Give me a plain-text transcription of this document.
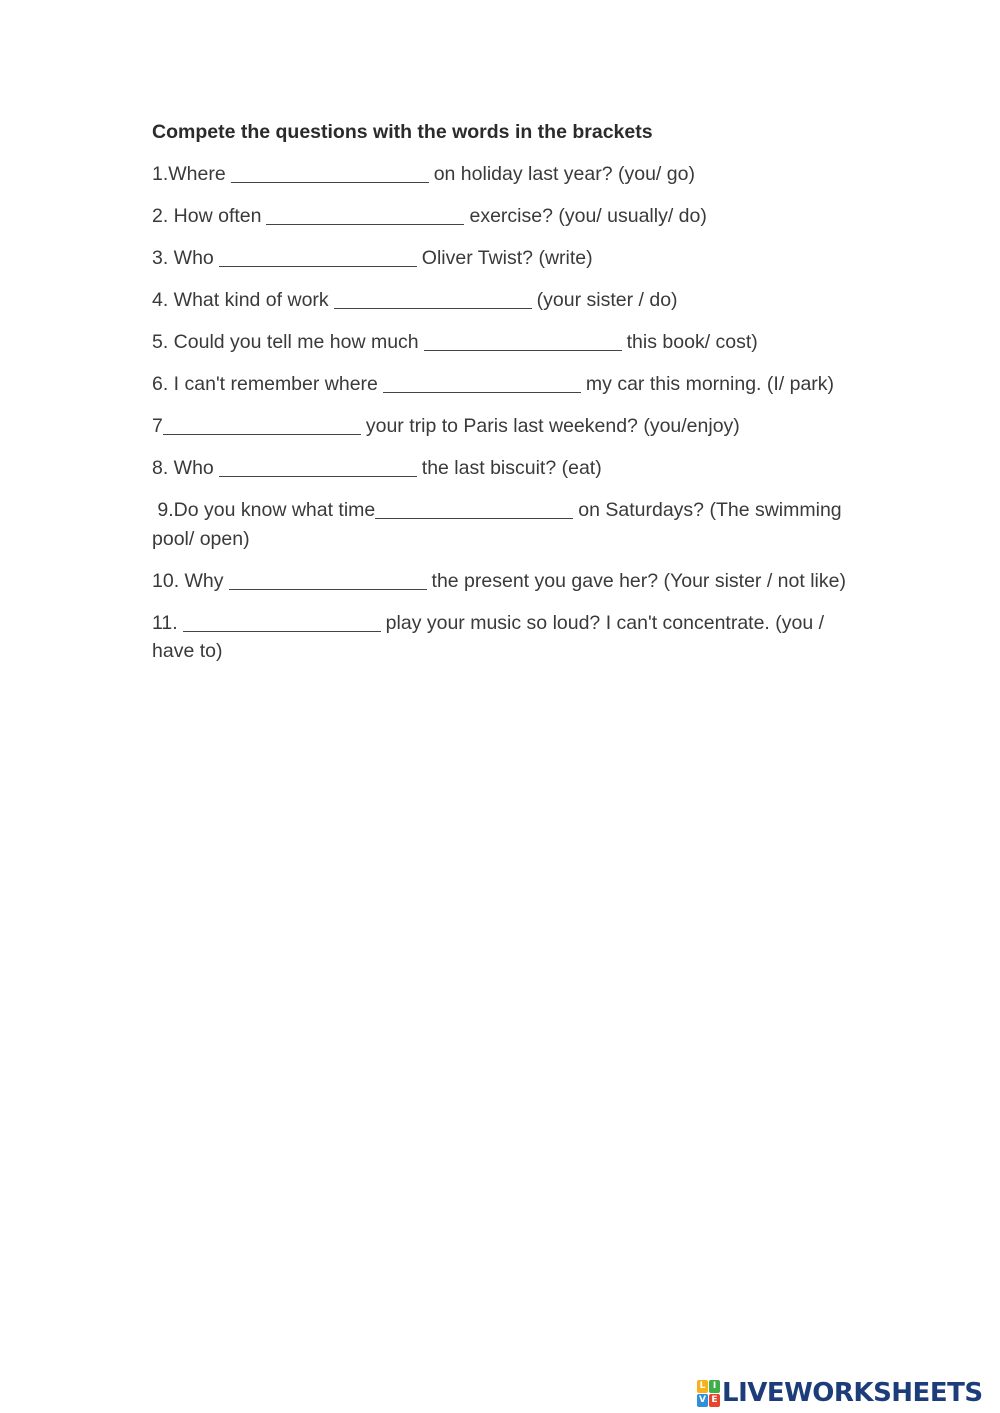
Compete the questions with the words in the brackets
1.Where	on holiday last year? (you/ go)
2. How often	exercise? (you/ usually/ do)
3. Who	Oliver Twist? (write)
4. What kind of work	(your sister / do)
5. Could you tell me how much	this book/ cost)
6. I can't remember where	my car this morning. (I/ park)
7	your trip to Paris last weekend? (you/enjoy)
8. Who	the last biscuit? (eat)
9.Do you know what time	on Saturdays? (The swimming pool/ open)
10. Why	the present you gave her? (Your sister / not like)
11.	play your music so loud? I can't concentrate. (you / have to)
L I
V E LIVEWORKSHEETS
